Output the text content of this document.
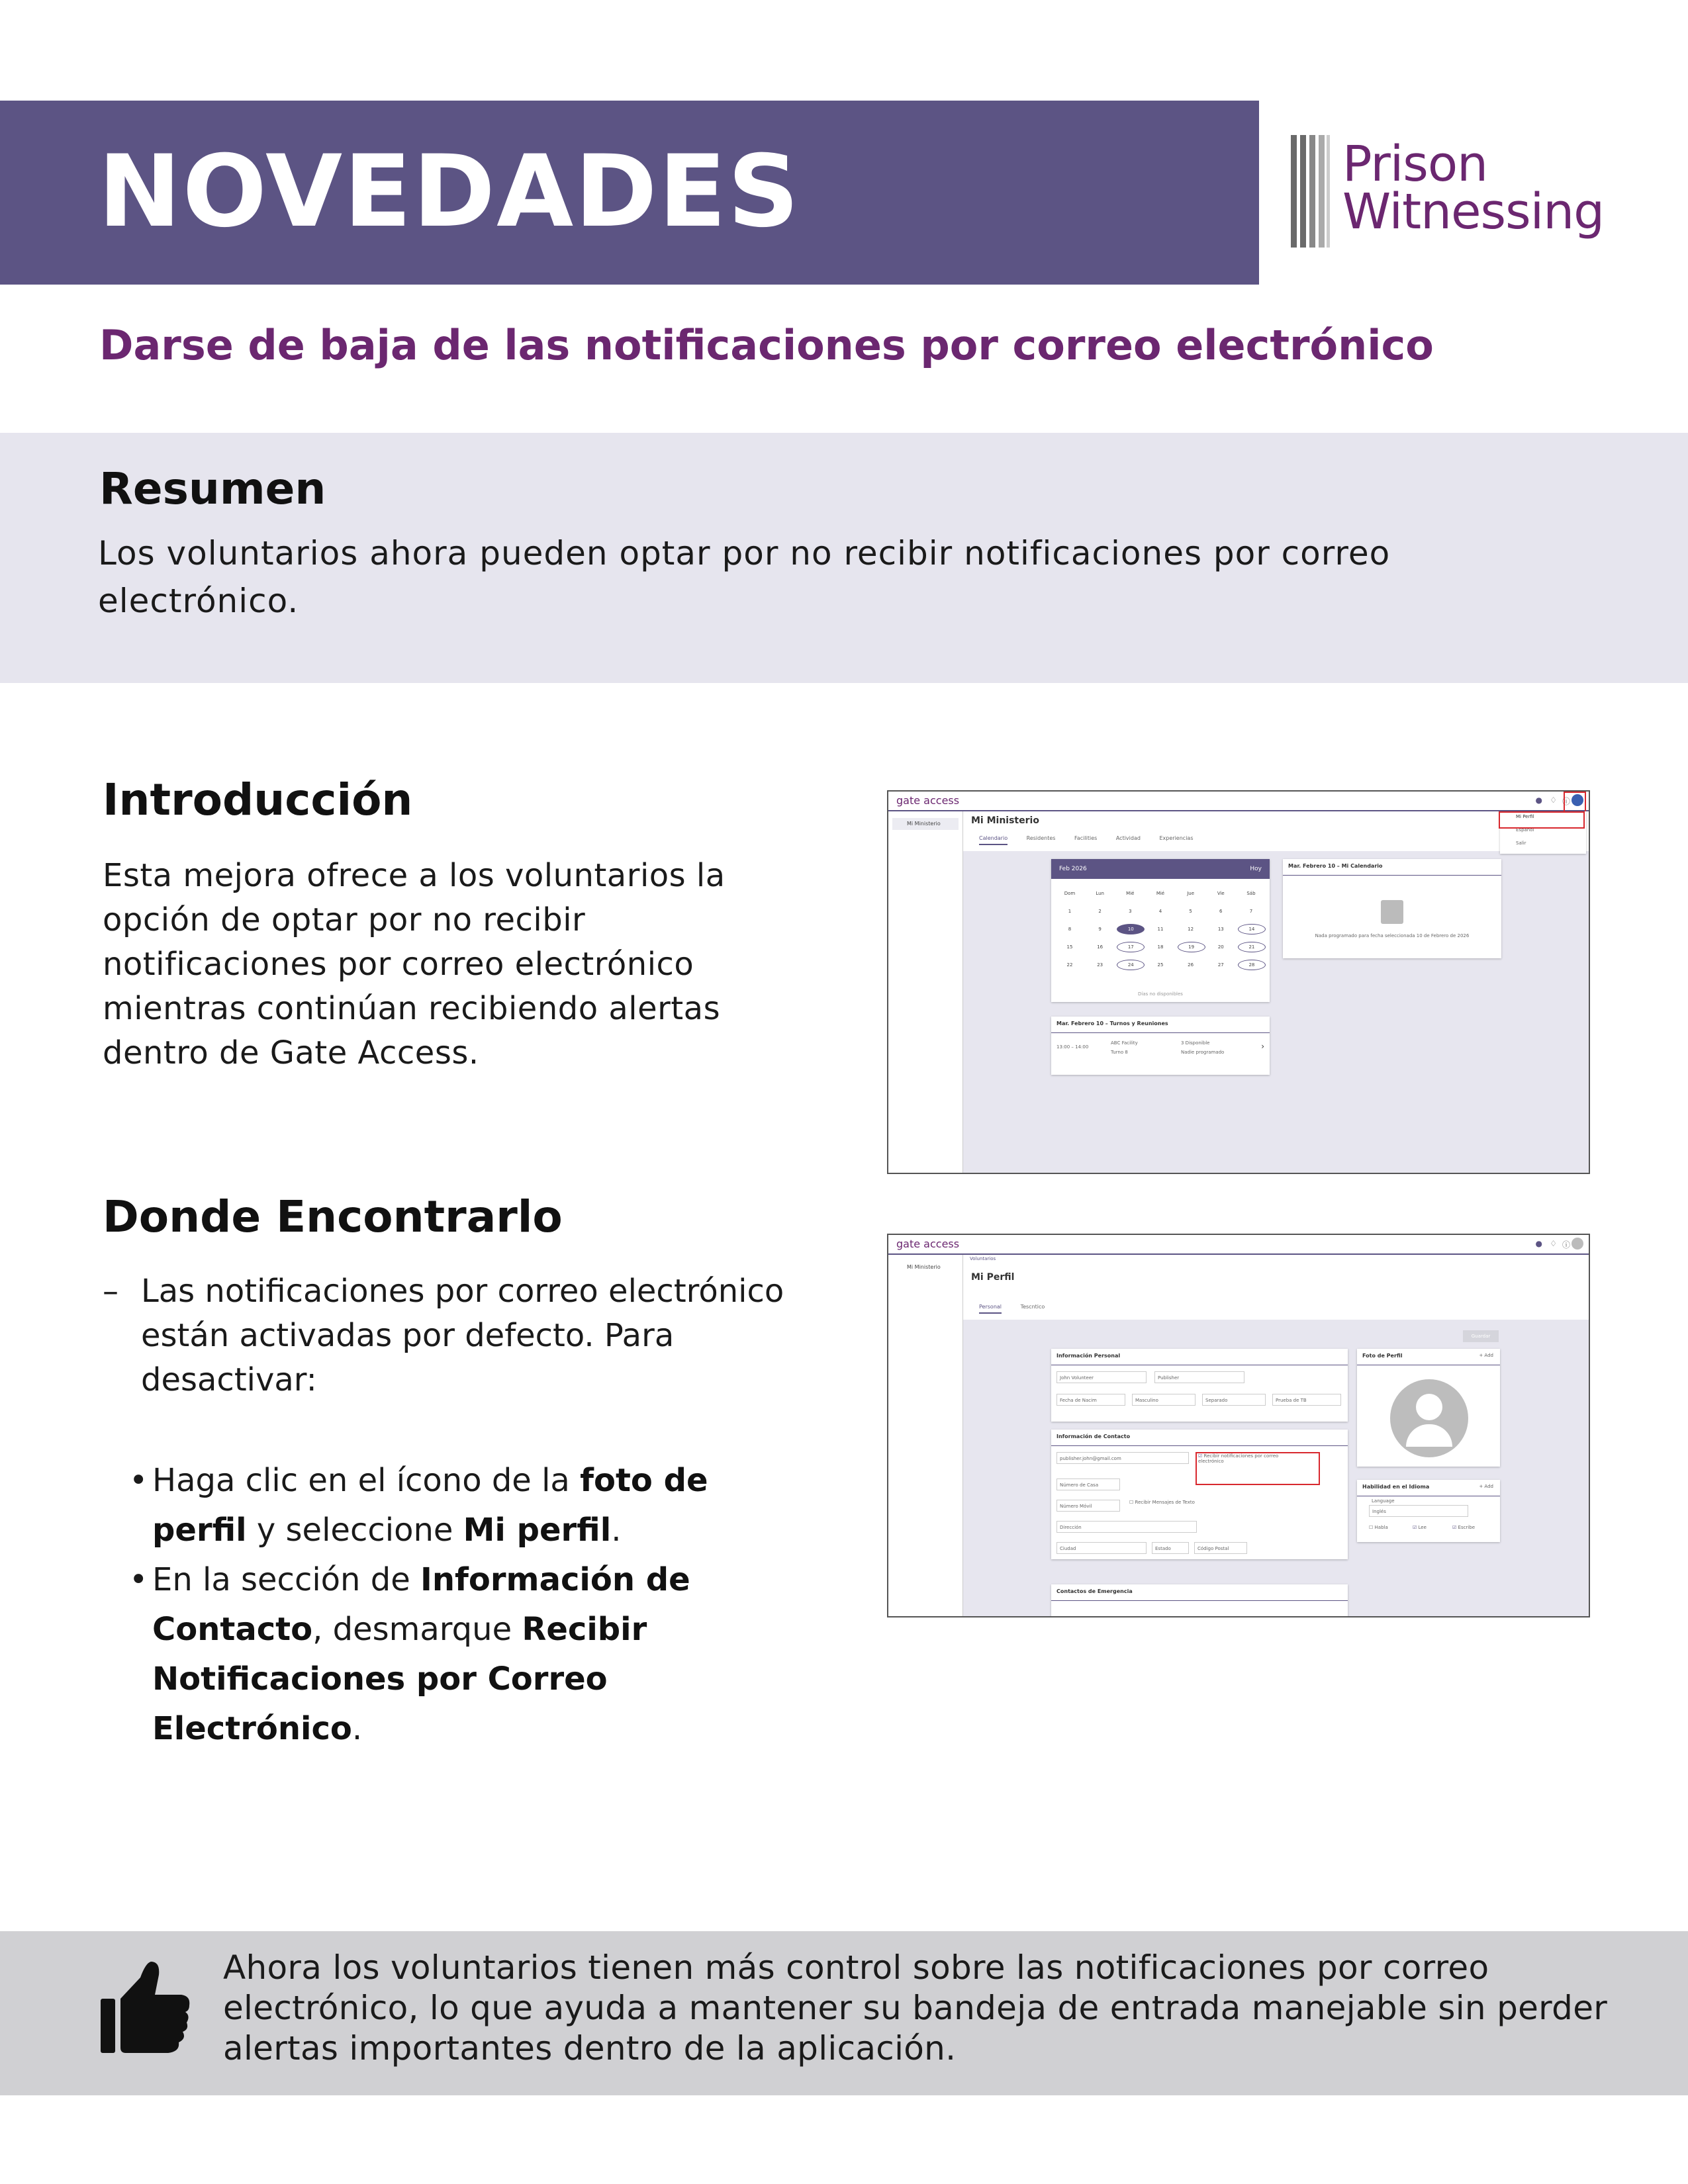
NOVEDADES	Prison
Witnessing
Darse de baja de las notificaciones por correo electrónico
Resumen
Los voluntarios ahora pueden optar por no recibir notificaciones por correo electrónico.
Introducción
Esta mejora ofrece a los voluntarios la opción de optar por no recibir notificaciones por correo electrónico mientras continúan recibiendo alertas dentro de Gate Access.
gate access	● ♢ ⓘ
Mi Ministerio	Mi Ministerio
Calendario	Residentes	Facilities	Actividad	Experiencias
Mi Perfil
Español
Salir
Feb 2026	Hoy
Dom	Lun	Mié	Mié	Jue	Vie	Sáb
1	2	3	4	5	6	7
8	9	10	11	12	13	14
15	16	17	18	19	20	21
22	23	24	25	26	27	28
Días no disponibles
Mar. Febrero 10 – Mi Calendario
Nada programado para fecha seleccionada 10 de Febrero de 2026
Mar. Febrero 10 – Turnos y Reuniones
13:00 – 14:00
ABC Facility
Turno 8
3 Disponible
Nadie programado
›
Donde Encontrarlo
– Las notificaciones por correo electrónico están activadas por defecto. Para desactivar:
• Haga clic en el ícono de la foto de perfil y seleccione Mi perfil.
• En la sección de Información de Contacto, desmarque Recibir Notificaciones por Correo Electrónico.
gate access	● ♢ ⓘ
Mi Ministerio
Voluntarios
Mi Perfil
Personal	Tescntico
Guardar
Información Personal
John Volunteer	Publisher
Fecha de Nacim	Masculino	Separado	Prueba de TB
Foto de Perfil	+ Add
Habilidad en el Idioma	+ Add
Language
Inglés
☐ Habla	☑ Lee	☑ Escribe
Información de Contacto
publisher.john@gmail.com	☑ Recibir notificaciones por correo electrónico
Número de Casa
Número Móvil
☐ Recibir Mensajes de Texto
Dirección
Ciudad	Estado	Código Postal
Contactos de Emergencia
Ahora los voluntarios tienen más control sobre las notificaciones por correo electrónico, lo que ayuda a mantener su bandeja de entrada manejable sin perder alertas importantes dentro de la aplicación.
